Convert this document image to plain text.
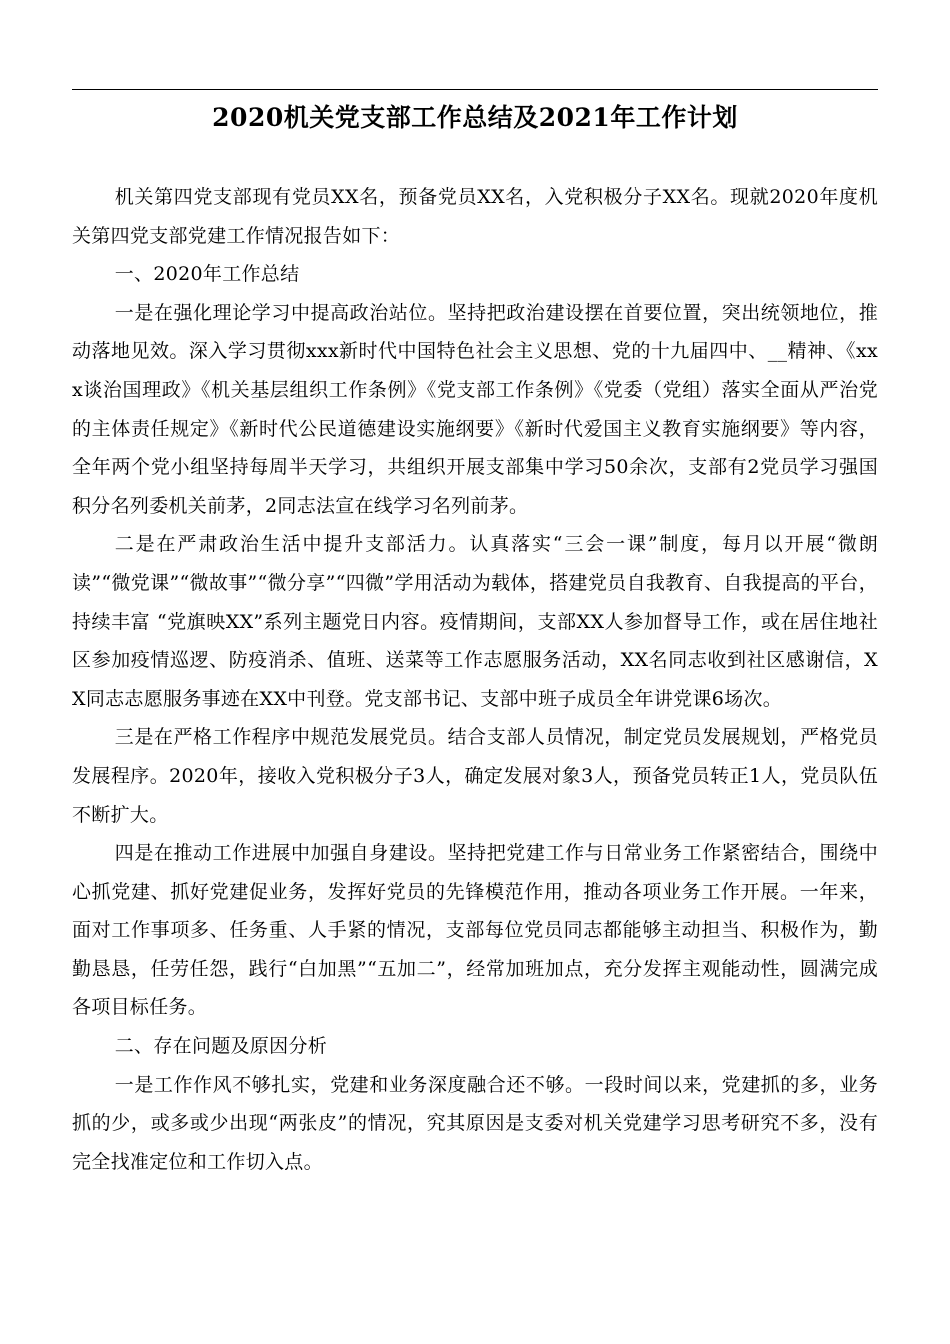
2020机关党支部工作总结及2021年工作计划

机关第四党支部现有党员XX名，预备党员XX名，入党积极分子XX名。现就2020年度机关第四党支部党建工作情况报告如下：

一、2020年工作总结

一是在强化理论学习中提高政治站位。坚持把政治建设摆在首要位置，突出统领地位，推动落地见效。深入学习贯彻xxx新时代中国特色社会主义思想、党的十九届四中、__精神、《xxx谈治国理政》《机关基层组织工作条例》《党支部工作条例》《党委（党组）落实全面从严治党的主体责任规定》《新时代公民道德建设实施纲要》《新时代爱国主义教育实施纲要》等内容，全年两个党小组坚持每周半天学习，共组织开展支部集中学习50余次，支部有2党员学习强国积分名列委机关前茅，2同志法宣在线学习名列前茅。

二是在严肃政治生活中提升支部活力。认真落实“三会一课”制度，每月以开展“微朗读”“微党课”“微故事”“微分享”“四微”学用活动为载体，搭建党员自我教育、自我提高的平台，持续丰富 “党旗映XX”系列主题党日内容。疫情期间，支部XX人参加督导工作，或在居住地社区参加疫情巡逻、防疫消杀、值班、送菜等工作志愿服务活动，XX名同志收到社区感谢信，XX同志志愿服务事迹在XX中刊登。党支部书记、支部中班子成员全年讲党课6场次。

三是在严格工作程序中规范发展党员。结合支部人员情况，制定党员发展规划，严格党员发展程序。2020年，接收入党积极分子3人，确定发展对象3人，预备党员转正1人，党员队伍不断扩大。

四是在推动工作进展中加强自身建设。坚持把党建工作与日常业务工作紧密结合，围绕中心抓党建、抓好党建促业务，发挥好党员的先锋模范作用，推动各项业务工作开展。一年来，面对工作事项多、任务重、人手紧的情况，支部每位党员同志都能够主动担当、积极作为，勤勤恳恳，任劳任怨，践行“白加黑”“五加二”，经常加班加点，充分发挥主观能动性，圆满完成各项目标任务。

二、存在问题及原因分析

一是工作作风不够扎实，党建和业务深度融合还不够。一段时间以来，党建抓的多，业务抓的少，或多或少出现“两张皮”的情况，究其原因是支委对机关党建学习思考研究不多，没有完全找准定位和工作切入点。
